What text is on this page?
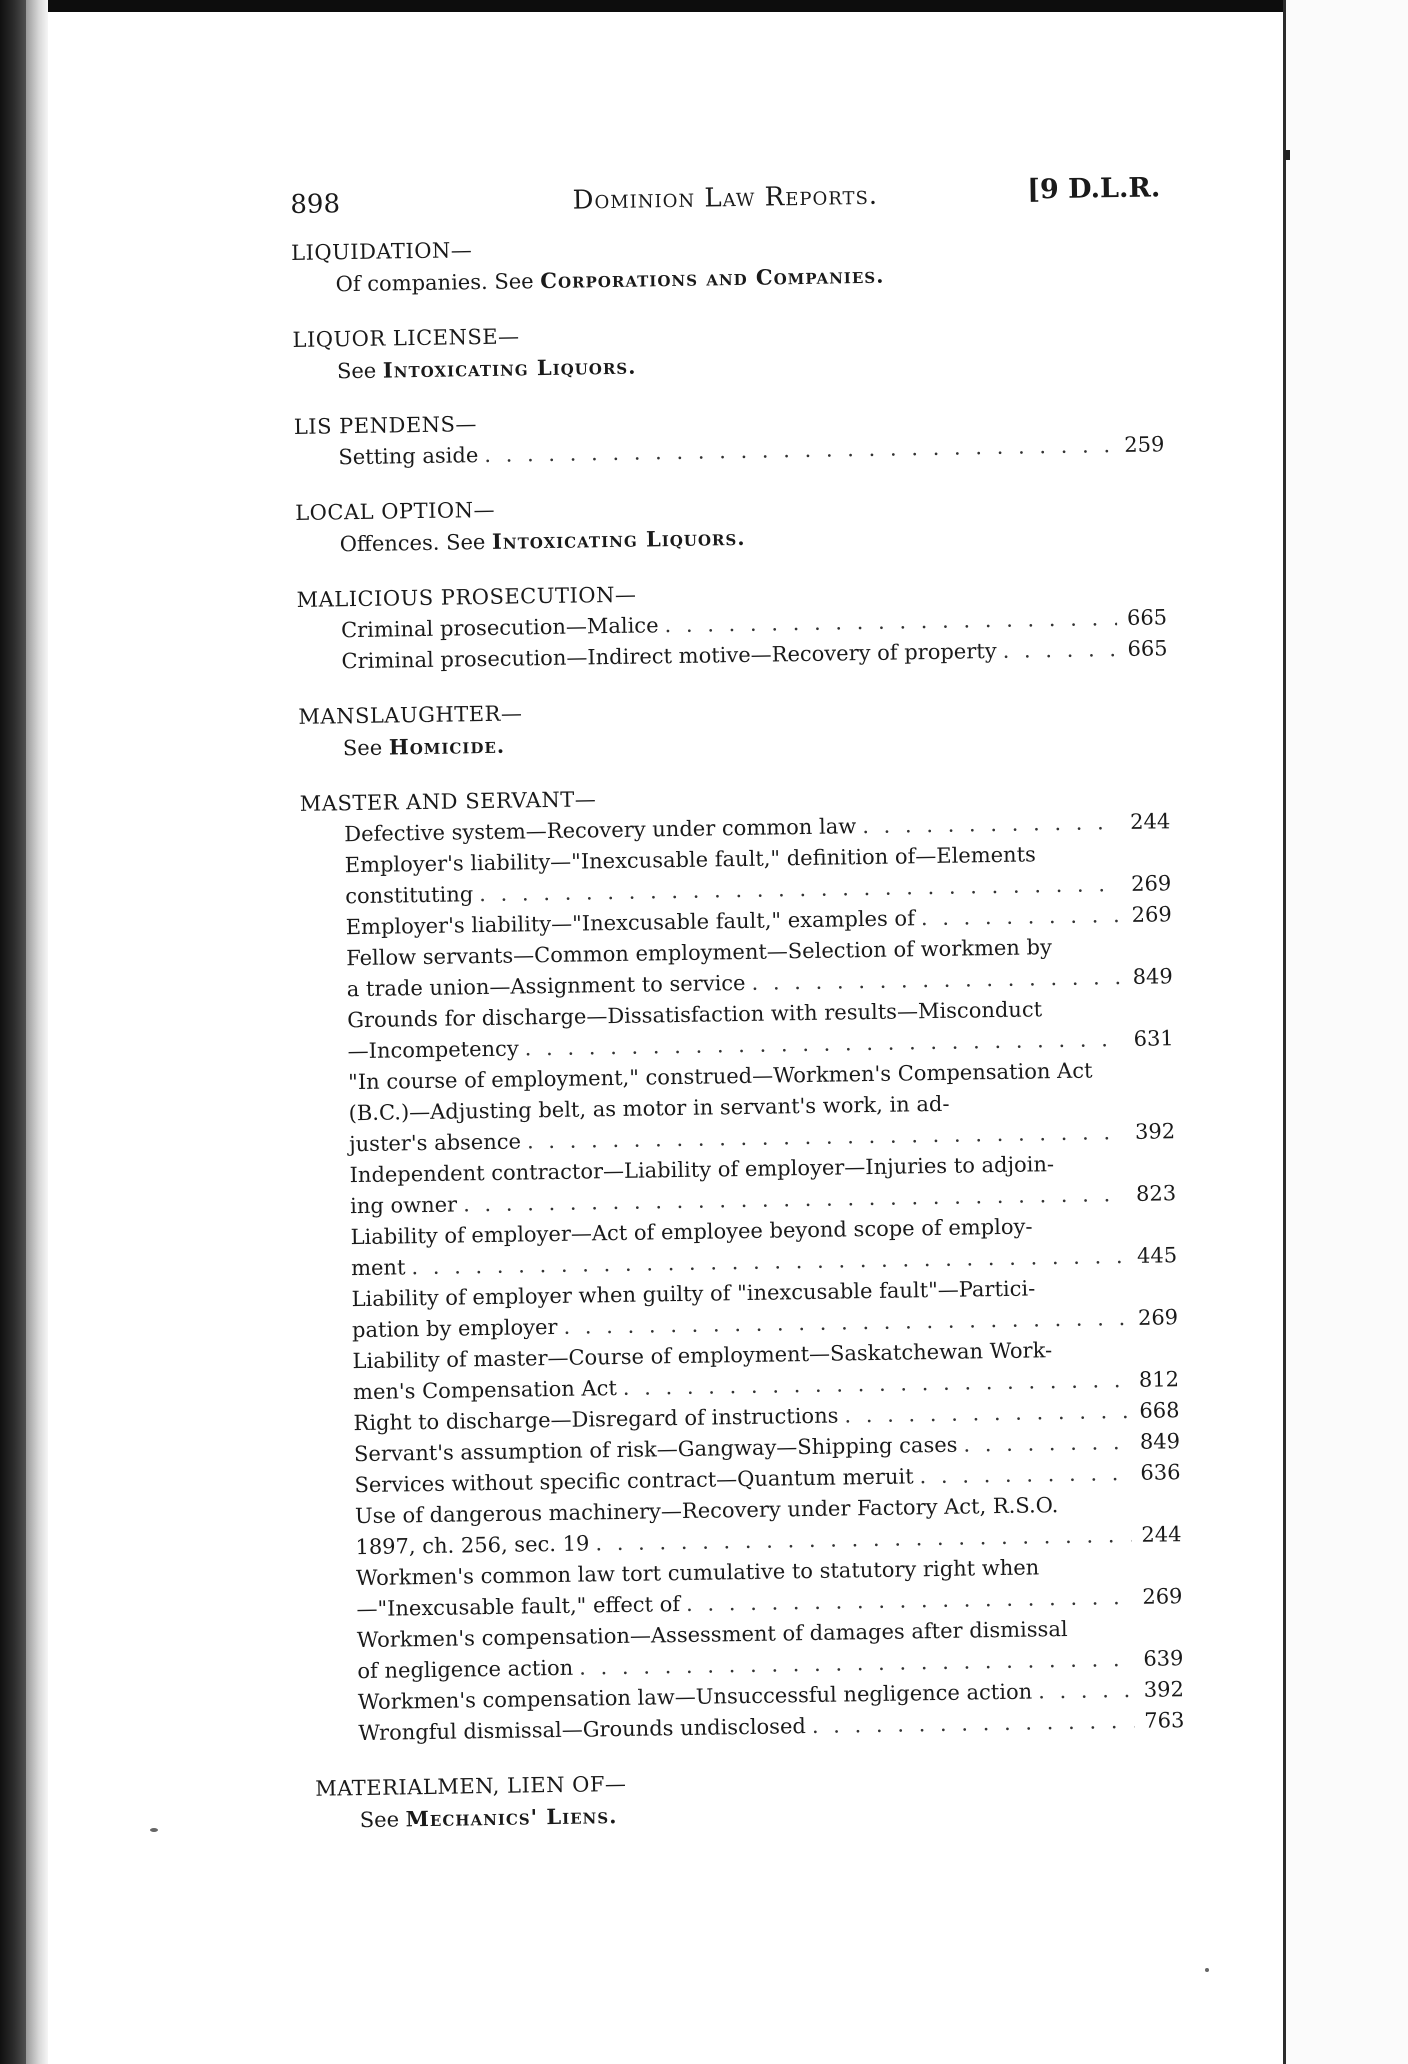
898	Dominion Law Reports.	[9 D.L.R.
LIQUIDATION—
Of companies. See Corporations and Companies.
LIQUOR LICENSE—
See Intoxicating Liquors.
LIS PENDENS—
Setting aside . . .	259
LOCAL OPTION—
Offences. See Intoxicating Liquors.
MALICIOUS PROSECUTION—
Criminal prosecution—Malice . . .	665
Criminal prosecution—Indirect motive—Recovery of property . . .	665
MANSLAUGHTER—
See Homicide.
MASTER AND SERVANT—
Defective system—Recovery under common law . . .	244
Employer's liability—"Inexcusable fault," definition of—Elements
constituting . . .	269
Employer's liability—"Inexcusable fault," examples of . . .	269
Fellow servants—Common employment—Selection of workmen by
a trade union—Assignment to service . . .	849
Grounds for discharge—Dissatisfaction with results—Misconduct
—Incompetency . . .	631
"In course of employment," construed—Workmen's Compensation Act (B.C.)—Adjusting belt, as motor in servant's work, in ad-
juster's absence . . .	392
Independent contractor—Liability of employer—Injuries to adjoin-
ing owner . . .	823
Liability of employer—Act of employee beyond scope of employ-
ment . . .	445
Liability of employer when guilty of "inexcusable fault"—Partici-
pation by employer . . .	269
Liability of master—Course of employment—Saskatchewan Work-
men's Compensation Act . . .	812
Right to discharge—Disregard of instructions . . .	668
Servant's assumption of risk—Gangway—Shipping cases . . .	849
Services without specific contract—Quantum meruit . . .	636
Use of dangerous machinery—Recovery under Factory Act, R.S.O.
1897, ch. 256, sec. 19 . . .	244
Workmen's common law tort cumulative to statutory right when
—"Inexcusable fault," effect of . . .	269
Workmen's compensation—Assessment of damages after dismissal
of negligence action . . .	639
Workmen's compensation law—Unsuccessful negligence action . . .	392
Wrongful dismissal—Grounds undisclosed . . .	763
MATERIALMEN, LIEN OF—
See Mechanics' Liens.
